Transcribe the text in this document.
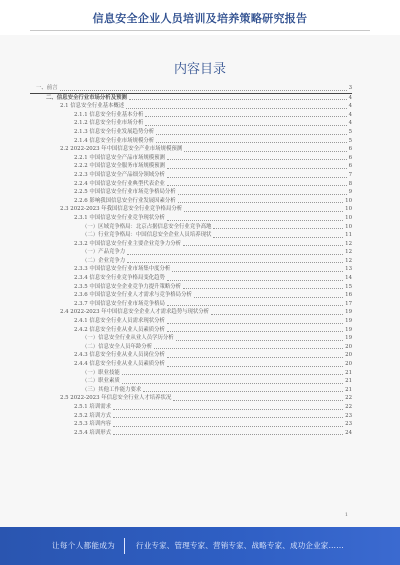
信息安全企业人员培训及培养策略研究报告
内容目录
一、前言	3
二、信息安全行业市场分析及预测	4
2.1 信息安全行业基本概述	4
2.1.1 信息安全行业基本分析	4
2.1.2 信息安全行业市场分析	4
2.1.3 信息安全行业发展趋势分析	5
2.1.4 信息安全行业市场规模分析	5
2.2 2022-2023 年中国信息安全产业市场规模预测	6
2.2.1 中国信息安全产品市场规模预测	6
2.2.2 中国信息安全服务市场规模预测	6
2.2.3 中国信息安全产品细分领域分析	7
2.2.4 中国信息安全行业典型代表企业	8
2.2.5 中国信息安全行业市场竞争格局分析	9
2.2.6 影响我国信息安全行业发展因素分析	10
2.3 2022-2023 年我国信息安全行业竞争格局分析	10
2.3.1 中国信息安全行业竞争现状分析	10
（一）区域竞争格局：北京占据信息安全行业竞争高地	10
（二）行业竞争格局：中国信息安全企业人员培养现状	11
2.3.2 中国信息安全行业主要企业竞争力分析	12
（一）产品竞争力	12
（二）企业竞争力	12
2.3.3 中国信息安全行业市场集中度分析	13
2.3.4 信息安全行业竞争格局变化趋势	14
2.3.5 中国信息安全企业竞争力提升策略分析	15
2.3.6 中国信息安全行业人才需求与竞争格局分析	16
2.3.7 中国信息安全行业市场竞争格局	17
2.4 2022-2023 年中国信息安全企业人才需求趋势与现状分析	19
2.4.1 信息安全行业人员需求现状分析	19
2.4.2 信息安全行业从业人员素质分析	19
（一）信息安全行业从业人员学历分析	19
（二）信息安全人员年龄分析	20
2.4.3 信息安全行业从业人员岗位分析	20
2.4.4 信息安全行业从业人员素质分析	20
（一）职业技能	21
（二）职业素质	21
（三）其他工作能力要求	21
2.5 2022-2023 年信息安全行业人才培养状况	22
2.5.1 培训需求	22
2.5.2 培训方式	23
2.5.3 培训内容	23
2.5.4 培训形式	24
1
让每个人都能成为	行业专家、管理专家、营销专家、战略专家、成功企业家……
